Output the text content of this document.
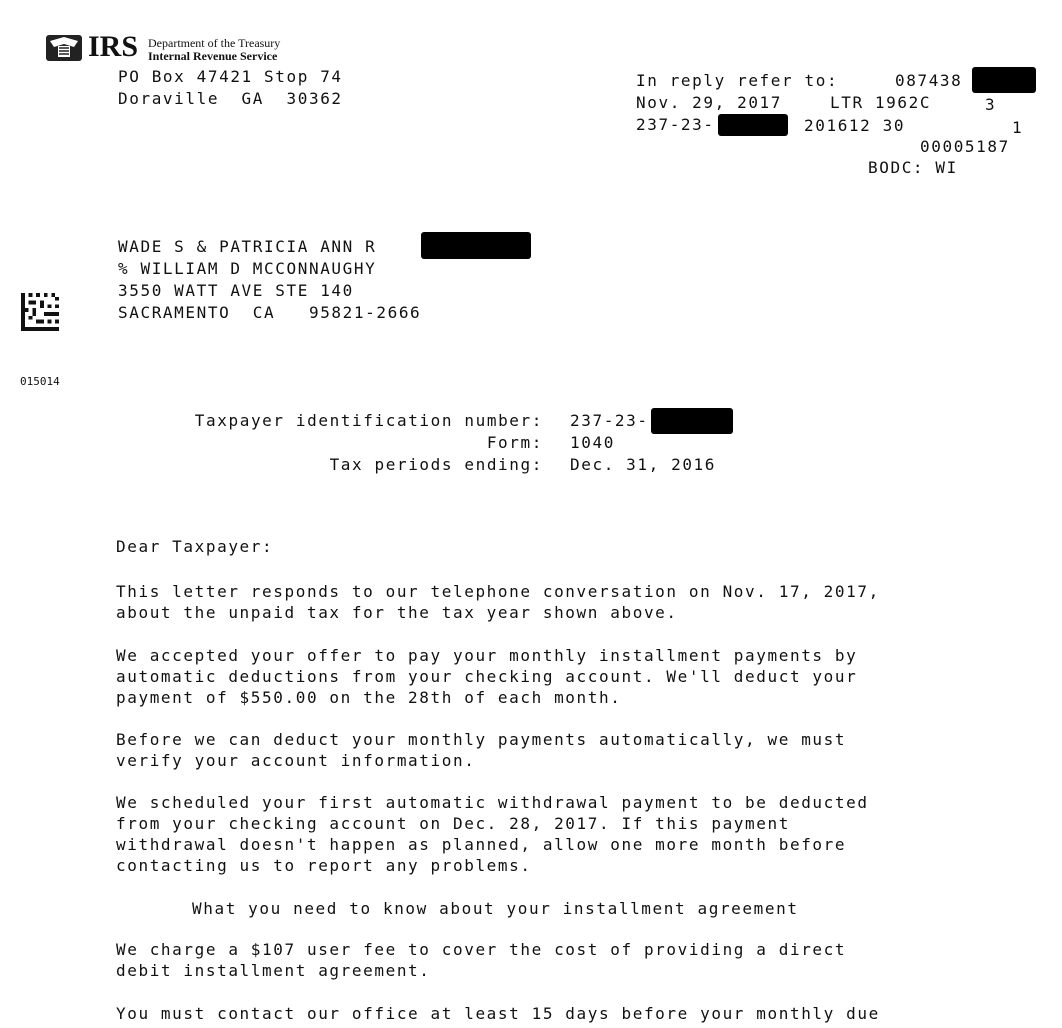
IRS

Department of the Treasury

Internal Revenue Service

PO Box 47421 Stop 74
Doraville  GA  30362
In reply refer to:	087438
Nov. 29, 2017	LTR 1962C	3
237-23-	201612 30	1
00005187
BODC: WI
WADE S & PATRICIA ANN R
% WILLIAM D MCCONNAUGHY
3550 WATT AVE STE 140
SACRAMENTO  CA   95821-2666
015014
Taxpayer identification number: 237-23-
Form: 1040
Tax periods ending: Dec. 31, 2016
Dear Taxpayer:
This letter responds to our telephone conversation on Nov. 17, 2017,
about the unpaid tax for the tax year shown above.
We accepted your offer to pay your monthly installment payments by
automatic deductions from your checking account. We'll deduct your
payment of $550.00 on the 28th of each month.
Before we can deduct your monthly payments automatically, we must
verify your account information.
We scheduled your first automatic withdrawal payment to be deducted
from your checking account on Dec. 28, 2017. If this payment
withdrawal doesn't happen as planned, allow one more month before
contacting us to report any problems.
What you need to know about your installment agreement
We charge a $107 user fee to cover the cost of providing a direct
debit installment agreement.
You must contact our office at least 15 days before your monthly due
